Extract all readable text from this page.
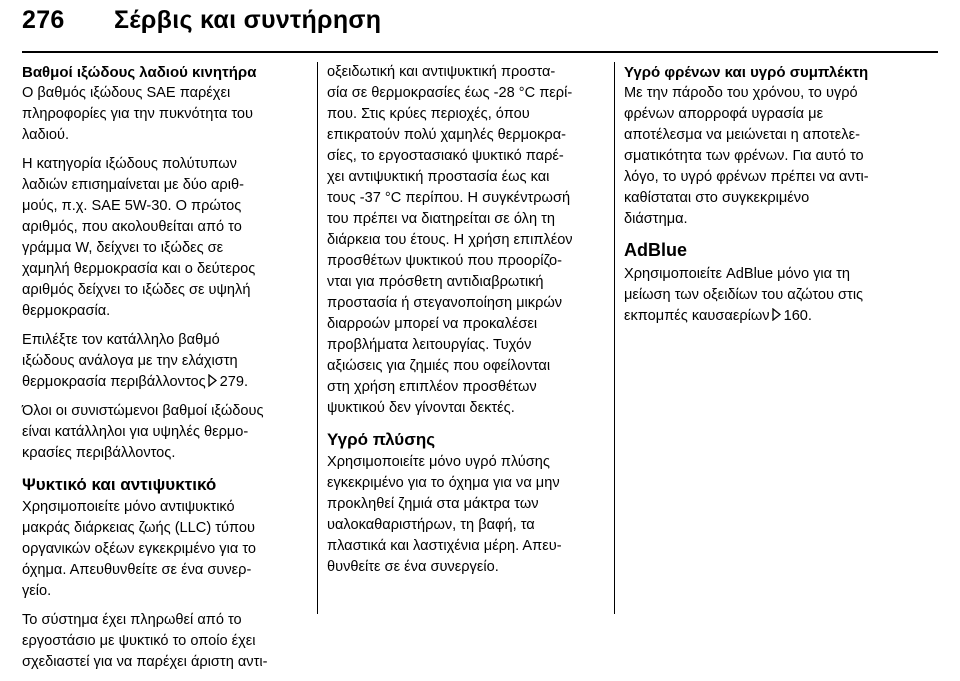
276 Σέρβις και συντήρηση
Βαθμοί ιξώδους λαδιού κινητήρα

Ο βαθμός ιξώδους SAE παρέχει
πληροφορίες για την πυκνότητα του
λαδιού.

Η κατηγορία ιξώδους πολύτυπων
λαδιών επισημαίνεται με δύο αριθ-
μούς, π.χ. SAE 5W-30. Ο πρώτος
αριθμός, που ακολουθείται από το
γράμμα W, δείχνει το ιξώδες σε
χαμηλή θερμοκρασία και ο δεύτερος
αριθμός δείχνει το ιξώδες σε υψηλή
θερμοκρασία.

Επιλέξτε τον κατάλληλο βαθμό
ιξώδους ανάλογα με την ελάχιστη
θερμοκρασία περιβάλλοντος 279.

Όλοι οι συνιστώμενοι βαθμοί ιξώδους
είναι κατάλληλοι για υψηλές θερμο-
κρασίες περιβάλλοντος.

Ψυκτικό και αντιψυκτικό

Χρησιμοποιείτε μόνο αντιψυκτικό
μακράς διάρκειας ζωής (LLC) τύπου
οργανικών οξέων εγκεκριμένο για το
όχημα. Απευθυνθείτε σε ένα συνερ-
γείο.

Το σύστημα έχει πληρωθεί από το
εργοστάσιο με ψυκτικό το οποίο έχει
σχεδιαστεί για να παρέχει άριστη αντι-

οξειδωτική και αντιψυκτική προστα-
σία σε θερμοκρασίες έως -28 °C περί-
που. Στις κρύες περιοχές, όπου
επικρατούν πολύ χαμηλές θερμοκρα-
σίες, το εργοστασιακό ψυκτικό παρέ-
χει αντιψυκτική προστασία έως και
τους -37 °C περίπου. Η συγκέντρωσή
του πρέπει να διατηρείται σε όλη τη
διάρκεια του έτους. Η χρήση επιπλέον
προσθέτων ψυκτικού που προορίζο-
νται για πρόσθετη αντιδιαβρωτική
προστασία ή στεγανοποίηση μικρών
διαρροών μπορεί να προκαλέσει
προβλήματα λειτουργίας. Τυχόν
αξιώσεις για ζημιές που οφείλονται
στη χρήση επιπλέον προσθέτων
ψυκτικού δεν γίνονται δεκτές.

Υγρό πλύσης

Χρησιμοποιείτε μόνο υγρό πλύσης
εγκεκριμένο για το όχημα για να μην
προκληθεί ζημιά στα μάκτρα των
υαλοκαθαριστήρων, τη βαφή, τα
πλαστικά και λαστιχένια μέρη. Απευ-
θυνθείτε σε ένα συνεργείο.

Υγρό φρένων και υγρό συμπλέκτη

Με την πάροδο του χρόνου, το υγρό
φρένων απορροφά υγρασία με
αποτέλεσμα να μειώνεται η αποτελε-
σματικότητα των φρένων. Για αυτό το
λόγο, το υγρό φρένων πρέπει να αντι-
καθίσταται στο συγκεκριμένο
διάστημα.

AdBlue

Χρησιμοποιείτε AdBlue μόνο για τη
μείωση των οξειδίων του αζώτου στις
εκπομπές καυσαερίων 160.
